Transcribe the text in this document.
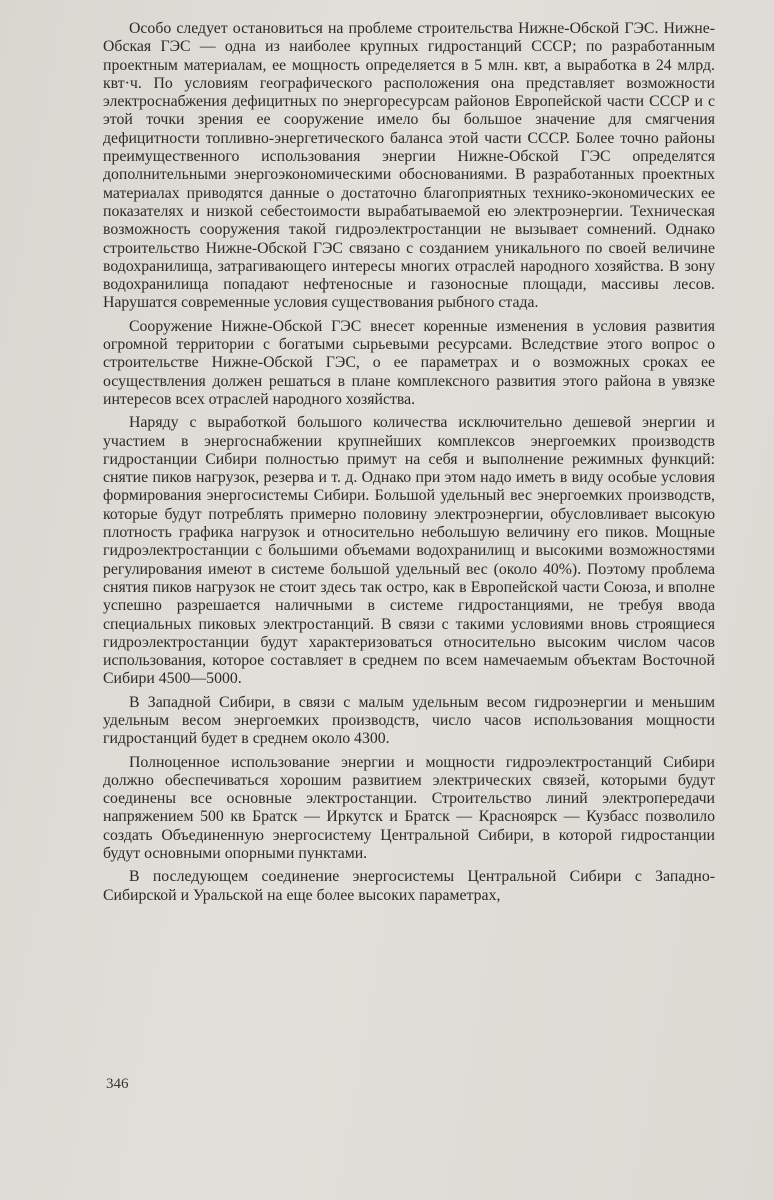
Особо следует остановиться на проблеме строительства Нижне-Обской ГЭС. Нижне-Обская ГЭС — одна из наиболее крупных гидростанций СССР; по разработанным проектным материалам, ее мощность определяется в 5 млн. квт, а выработка в 24 млрд. квт·ч. По условиям географического расположения она представляет возможности электроснабжения дефицитных по энергоресурсам районов Европейской части СССР и с этой точки зрения ее сооружение имело бы большое значение для смягчения дефицитности топливно-энергетического баланса этой части СССР. Более точно районы преимущественного использования энергии Нижне-Обской ГЭС определятся дополнительными энергоэкономическими обоснованиями. В разработанных проектных материалах приводятся данные о достаточно благоприятных технико-экономических ее показателях и низкой себестоимости вырабатываемой ею электроэнергии. Техническая возможность сооружения такой гидроэлектростанции не вызывает сомнений. Однако строительство Нижне-Обской ГЭС связано с созданием уникального по своей величине водохранилища, затрагивающего интересы многих отраслей народного хозяйства. В зону водохранилища попадают нефтеносные и газоносные площади, массивы лесов. Нарушатся современные условия существования рыбного стада.

Сооружение Нижне-Обской ГЭС внесет коренные изменения в условия развития огромной территории с богатыми сырьевыми ресурсами. Вследствие этого вопрос о строительстве Нижне-Обской ГЭС, о ее параметрах и о возможных сроках ее осуществления должен решаться в плане комплексного развития этого района в увязке интересов всех отраслей народного хозяйства.

Наряду с выработкой большого количества исключительно дешевой энергии и участием в энергоснабжении крупнейших комплексов энергоемких производств гидростанции Сибири полностью примут на себя и выполнение режимных функций: снятие пиков нагрузок, резерва и т. д. Однако при этом надо иметь в виду особые условия формирования энергосистемы Сибири. Большой удельный вес энергоемких производств, которые будут потреблять примерно половину электроэнергии, обусловливает высокую плотность графика нагрузок и относительно небольшую величину его пиков. Мощные гидроэлектростанции с большими объемами водохранилищ и высокими возможностями регулирования имеют в системе большой удельный вес (около 40%). Поэтому проблема снятия пиков нагрузок не стоит здесь так остро, как в Европейской части Союза, и вполне успешно разрешается наличными в системе гидростанциями, не требуя ввода специальных пиковых электростанций. В связи с такими условиями вновь строящиеся гидроэлектростанции будут характеризоваться относительно высоким числом часов использования, которое составляет в среднем по всем намечаемым объектам Восточной Сибири 4500—5000.

В Западной Сибири, в связи с малым удельным весом гидроэнергии и меньшим удельным весом энергоемких производств, число часов использования мощности гидростанций будет в среднем около 4300.

Полноценное использование энергии и мощности гидроэлектростанций Сибири должно обеспечиваться хорошим развитием электрических связей, которыми будут соединены все основные электростанции. Строительство линий электропередачи напряжением 500 кв Братск — Иркутск и Братск — Красноярск — Кузбасс позволило создать Объединенную энергосистему Центральной Сибири, в которой гидростанции будут основными опорными пунктами.

В последующем соединение энергосистемы Центральной Сибири с Западно-Сибирской и Уральской на еще более высоких параметрах,

346
